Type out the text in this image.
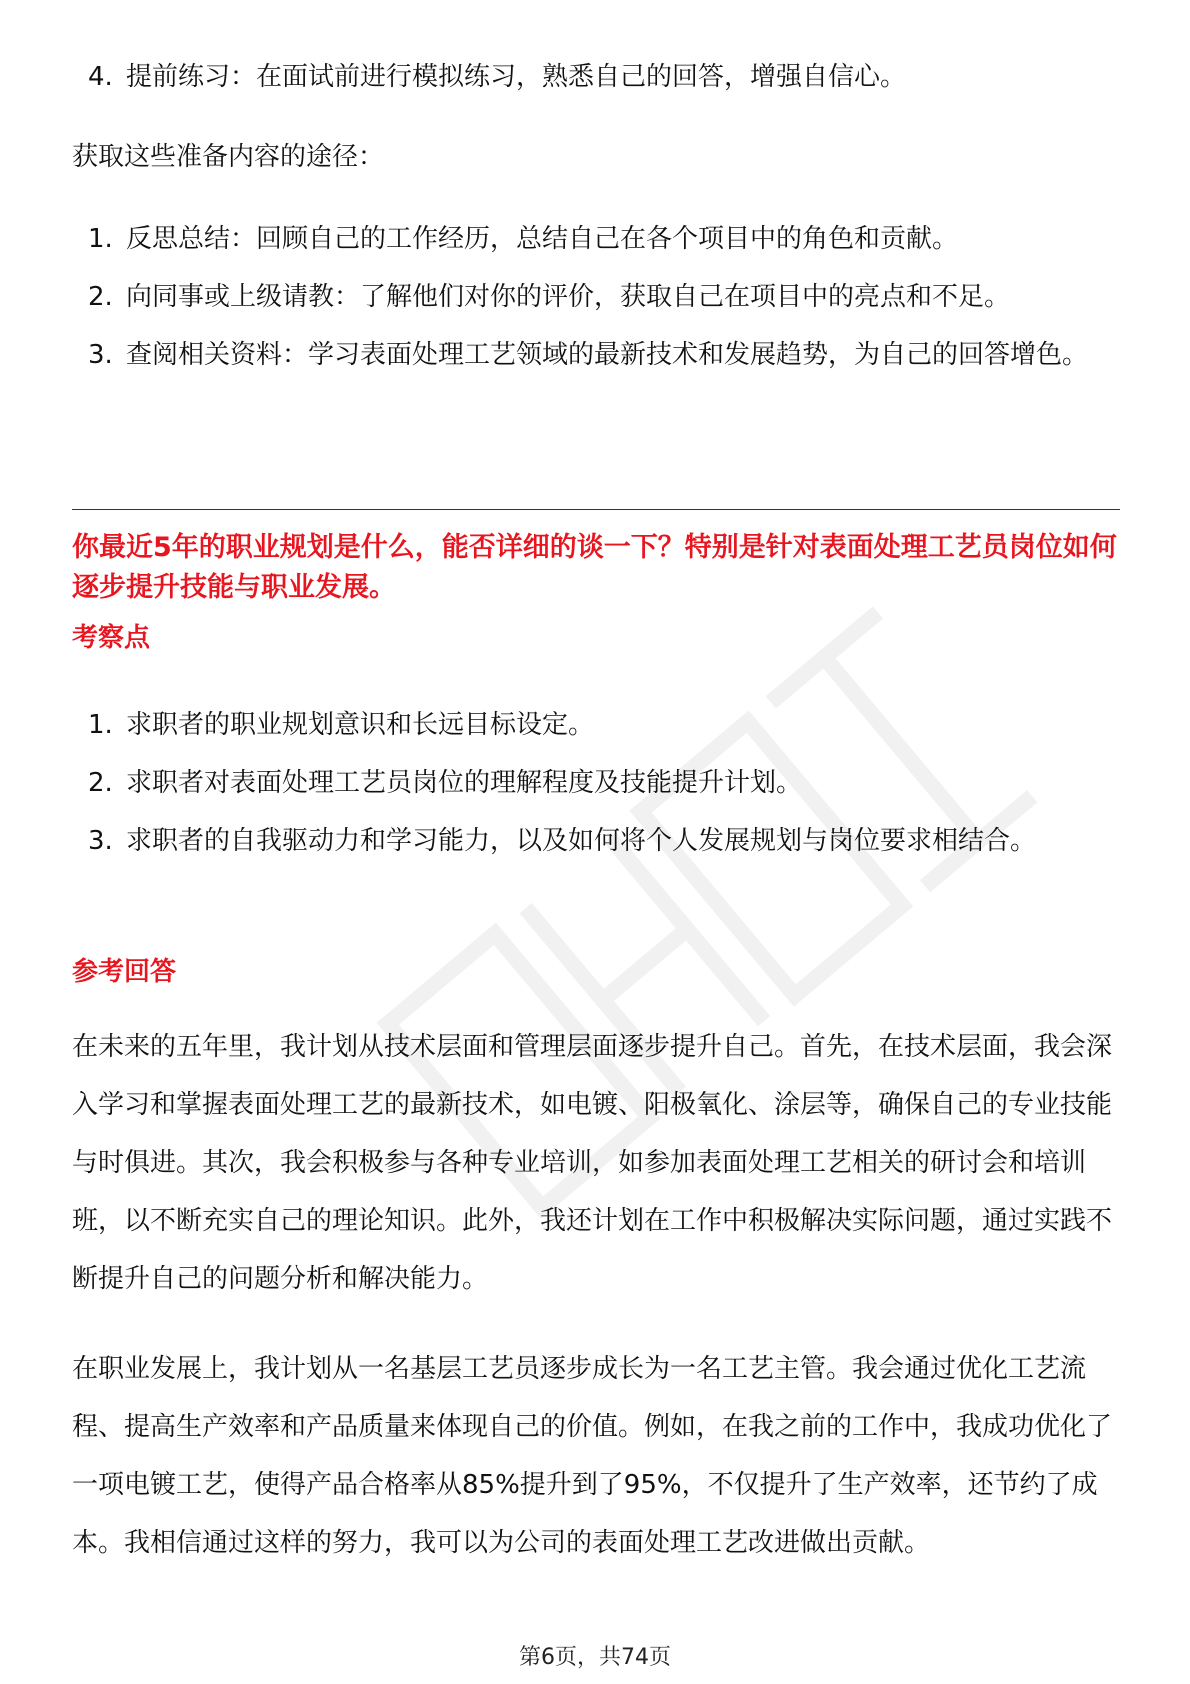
4. 提前练习：在面试前进行模拟练习，熟悉自己的回答，增强自信心。

获取这些准备内容的途径：

1. 反思总结：回顾自己的工作经历，总结自己在各个项目中的角色和贡献。
2. 向同事或上级请教：了解他们对你的评价，获取自己在项目中的亮点和不足。
3. 查阅相关资料：学习表面处理工艺领域的最新技术和发展趋势，为自己的回答增色。

你最近5年的职业规划是什么，能否详细的谈一下？特别是针对表面处理工艺员岗位如何逐步提升技能与职业发展。

考察点

1. 求职者的职业规划意识和长远目标设定。
2. 求职者对表面处理工艺员岗位的理解程度及技能提升计划。
3. 求职者的自我驱动力和学习能力，以及如何将个人发展规划与岗位要求相结合。

参考回答

在未来的五年里，我计划从技术层面和管理层面逐步提升自己。首先，在技术层面，我会深入学习和掌握表面处理工艺的最新技术，如电镀、阳极氧化、涂层等，确保自己的专业技能与时俱进。其次，我会积极参与各种专业培训，如参加表面处理工艺相关的研讨会和培训班，以不断充实自己的理论知识。此外，我还计划在工作中积极解决实际问题，通过实践不断提升自己的问题分析和解决能力。

在职业发展上，我计划从一名基层工艺员逐步成长为一名工艺主管。我会通过优化工艺流程、提高生产效率和产品质量来体现自己的价值。例如，在我之前的工作中，我成功优化了一项电镀工艺，使得产品合格率从85%提升到了95%，不仅提升了生产效率，还节约了成本。我相信通过这样的努力，我可以为公司的表面处理工艺改进做出贡献。

第6页，共74页
